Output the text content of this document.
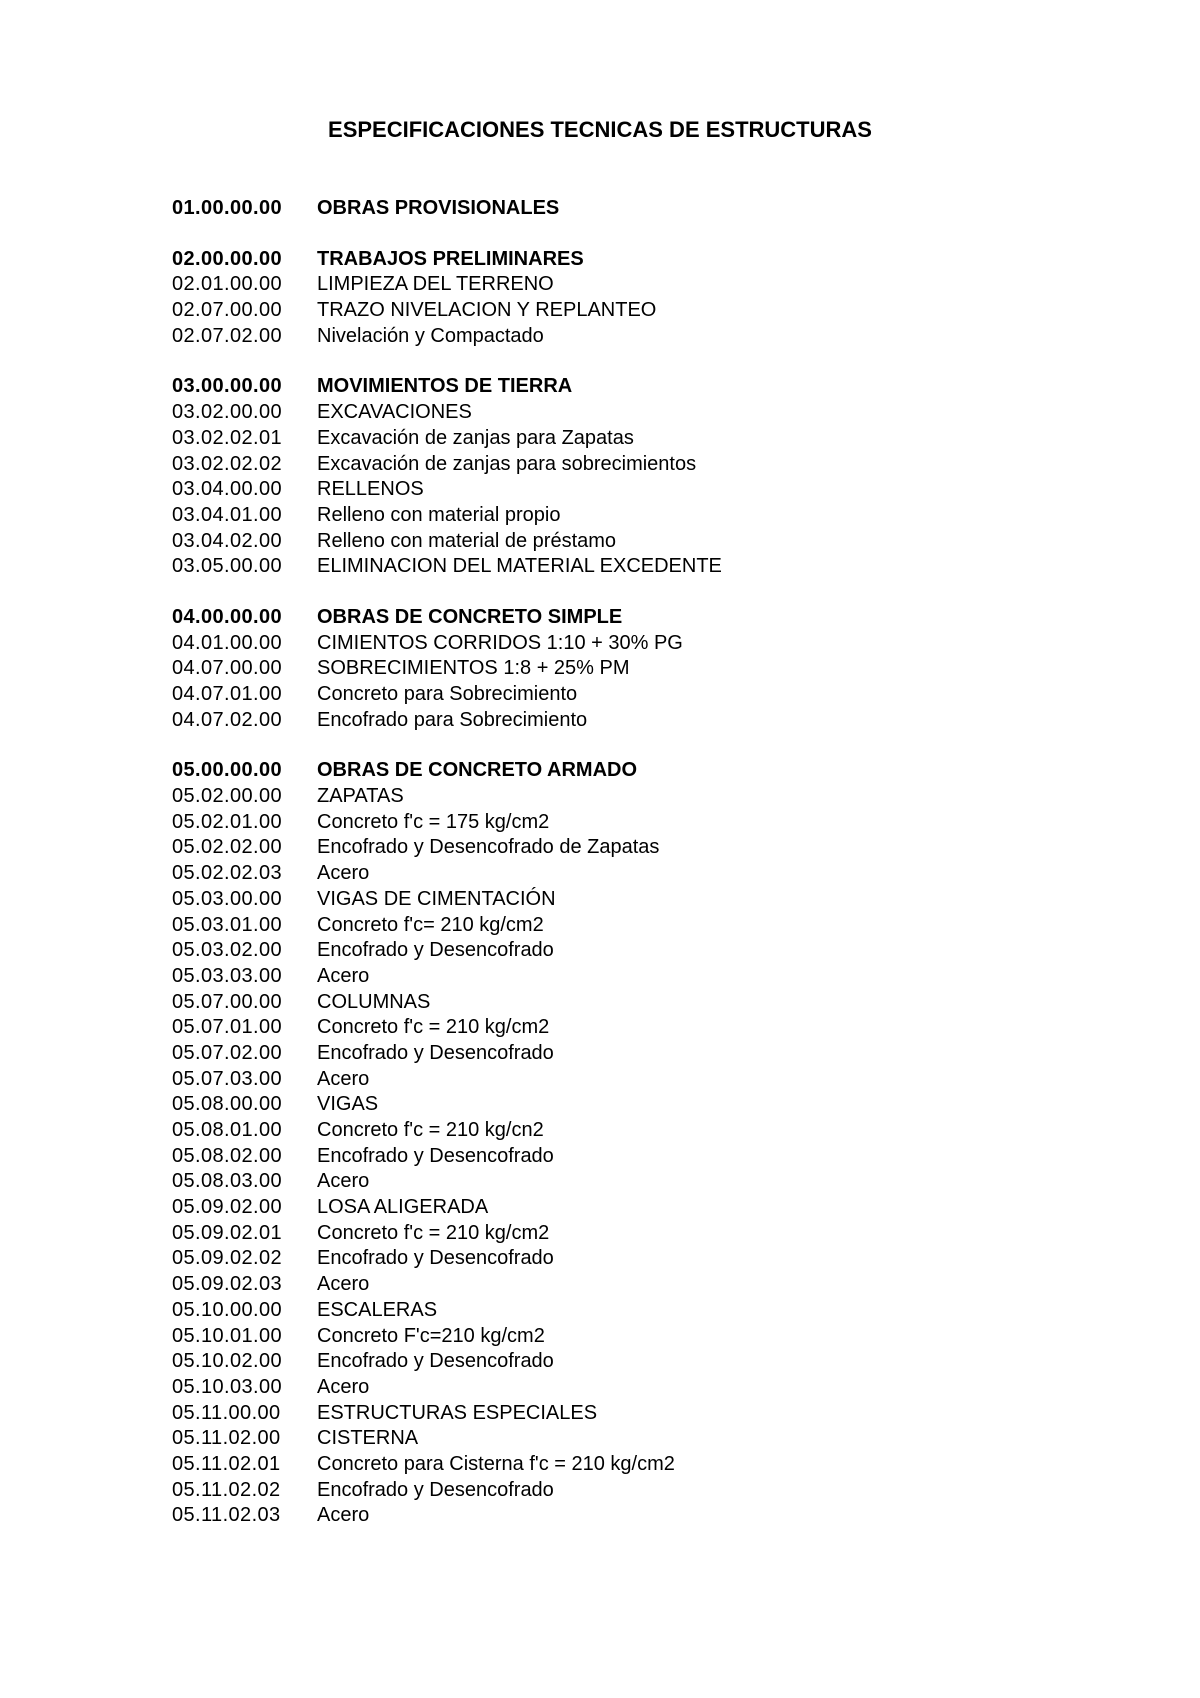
ESPECIFICACIONES TECNICAS DE ESTRUCTURAS
01.00.00.00	OBRAS PROVISIONALES
02.00.00.00	TRABAJOS PRELIMINARES
02.01.00.00	LIMPIEZA DEL TERRENO
02.07.00.00	TRAZO NIVELACION Y REPLANTEO
02.07.02.00	Nivelación y Compactado
03.00.00.00	MOVIMIENTOS DE TIERRA
03.02.00.00	EXCAVACIONES
03.02.02.01	Excavación de zanjas para Zapatas
03.02.02.02	Excavación de zanjas para sobrecimientos
03.04.00.00	RELLENOS
03.04.01.00	Relleno con material propio
03.04.02.00	Relleno con material de préstamo
03.05.00.00	ELIMINACION DEL MATERIAL EXCEDENTE
04.00.00.00	OBRAS DE CONCRETO SIMPLE
04.01.00.00	CIMIENTOS CORRIDOS 1:10 + 30% PG
04.07.00.00	SOBRECIMIENTOS 1:8 + 25% PM
04.07.01.00	Concreto para Sobrecimiento
04.07.02.00	Encofrado para Sobrecimiento
05.00.00.00	OBRAS DE CONCRETO ARMADO
05.02.00.00	ZAPATAS
05.02.01.00	Concreto f'c = 175 kg/cm2
05.02.02.00	Encofrado y Desencofrado de Zapatas
05.02.02.03	Acero
05.03.00.00	VIGAS DE CIMENTACIÓN
05.03.01.00	Concreto f'c= 210 kg/cm2
05.03.02.00	Encofrado y Desencofrado
05.03.03.00	Acero
05.07.00.00	COLUMNAS
05.07.01.00	Concreto f'c = 210 kg/cm2
05.07.02.00	Encofrado y Desencofrado
05.07.03.00	Acero
05.08.00.00	VIGAS
05.08.01.00	Concreto f'c = 210 kg/cn2
05.08.02.00	Encofrado y Desencofrado
05.08.03.00	Acero
05.09.02.00	LOSA ALIGERADA
05.09.02.01	Concreto f'c = 210 kg/cm2
05.09.02.02	Encofrado y Desencofrado
05.09.02.03	Acero
05.10.00.00	ESCALERAS
05.10.01.00	Concreto F'c=210 kg/cm2
05.10.02.00	Encofrado y Desencofrado
05.10.03.00	Acero
05.11.00.00	ESTRUCTURAS ESPECIALES
05.11.02.00	CISTERNA
05.11.02.01	Concreto para Cisterna f'c = 210 kg/cm2
05.11.02.02	Encofrado y Desencofrado
05.11.02.03	Acero
